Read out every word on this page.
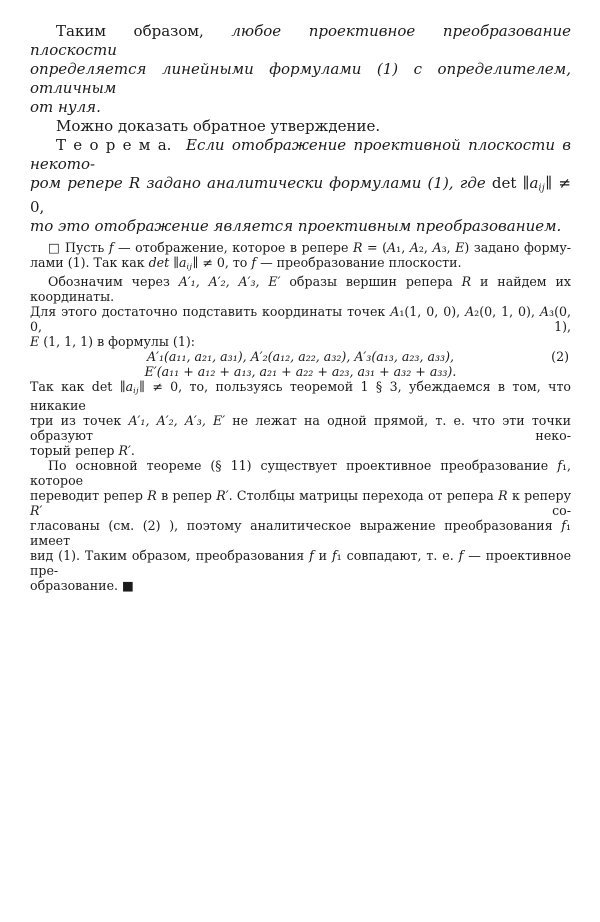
Таким образом, любое проективное преобразование плоскости
определяется линейными формулами (1) с определителем, отличным
от нуля.
Можно доказать обратное утверждение.
Т е о р е м а.  Если отображение проективной плоскости в некото-
ром репере R задано аналитически формулами (1), где det ∥aij∥ ≠ 0,
то это отображение является проективным преобразованием.
□ Пусть f — отображение, которое в репере R = (A₁, A₂, A₃, E) задано форму-
лами (1). Так как det ∥aij∥ ≠ 0, то f — преобразование плоскости.
Обозначим через A′₁, A′₂, A′₃, E′ образы вершин репера R и найдем их координаты.
Для этого достаточно подставить координаты точек A₁(1, 0, 0), A₂(0, 1, 0), A₃(0, 0, 1),
E (1, 1, 1) в формулы (1):
A′₁(a₁₁, a₂₁, a₃₁), A′₂(a₁₂, a₂₂, a₃₂), A′₃(a₁₃, a₂₃, a₃₃),	(2)
E′(a₁₁ + a₁₂ + a₁₃, a₂₁ + a₂₂ + a₂₃, a₃₁ + a₃₂ + a₃₃).
Так как det ∥aij∥ ≠ 0, то, пользуясь теоремой 1 § 3, убеждаемся в том, что никакие
три из точек A′₁, A′₂, A′₃, E′ не лежат на одной прямой, т. е. что эти точки образуют неко-
торый репер R′.
По основной теореме (§ 11) существует проективное преобразование f₁, которое
переводит репер R в репер R′. Столбцы матрицы перехода от репера R к реперу R′ со-
гласованы (см. (2) ), поэтому аналитическое выражение преобразования f₁ имеет
вид (1). Таким образом, преобразования f и f₁ совпадают, т. е. f — проективное пре-
образование. ■
